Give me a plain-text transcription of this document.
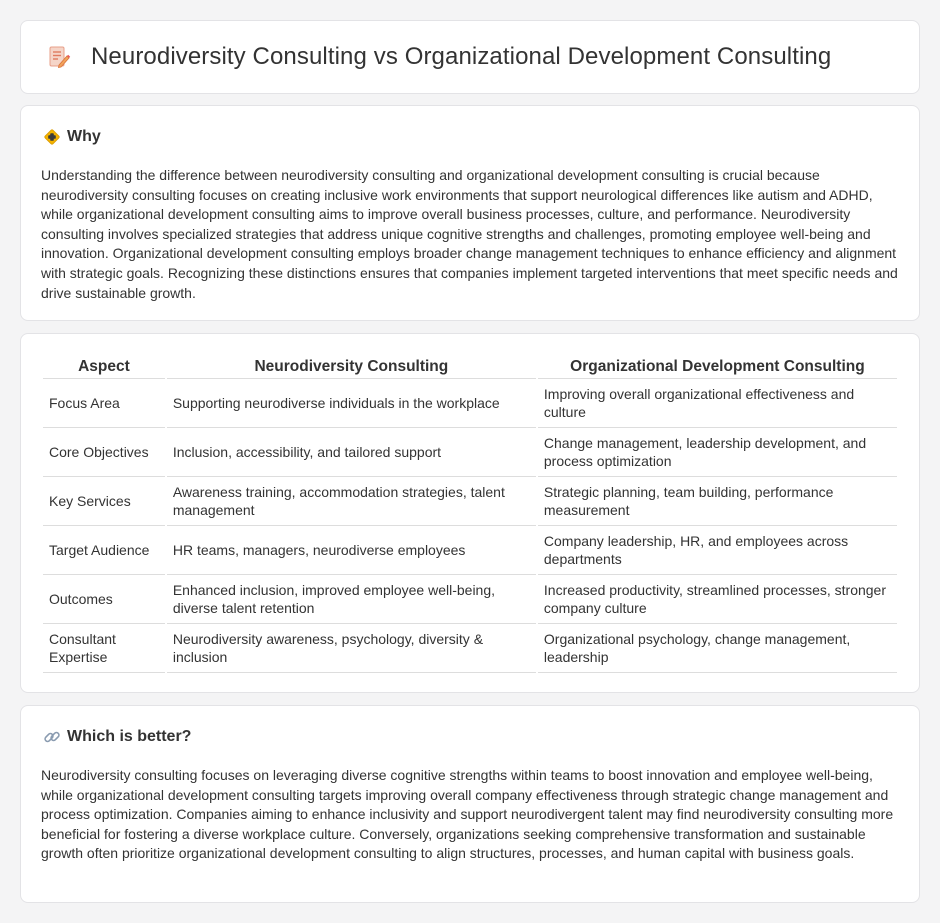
Neurodiversity Consulting vs Organizational Development Consulting
Why

Understanding the difference between neurodiversity consulting and organizational development consulting is crucial because neurodiversity consulting focuses on creating inclusive work environments that support neurological differences like autism and ADHD, while organizational development consulting aims to improve overall business processes, culture, and performance. Neurodiversity consulting involves specialized strategies that address unique cognitive strengths and challenges, promoting employee well-being and innovation. Organizational development consulting employs broader change management techniques to enhance efficiency and alignment with strategic goals. Recognizing these distinctions ensures that companies implement targeted interventions that meet specific needs and drive sustainable growth.

Aspect	Neurodiversity Consulting	Organizational Development Consulting
Focus Area	Supporting neurodiverse individuals in the workplace	Improving overall organizational effectiveness and culture
Core Objectives	Inclusion, accessibility, and tailored support	Change management, leadership development, and process optimization
Key Services	Awareness training, accommodation strategies, talent management	Strategic planning, team building, performance measurement
Target Audience	HR teams, managers, neurodiverse employees	Company leadership, HR, and employees across departments
Outcomes	Enhanced inclusion, improved employee well-being, diverse talent retention	Increased productivity, streamlined processes, stronger company culture
Consultant Expertise	Neurodiversity awareness, psychology, diversity & inclusion	Organizational psychology, change management, leadership
Which is better?

Neurodiversity consulting focuses on leveraging diverse cognitive strengths within teams to boost innovation and employee well-being, while organizational development consulting targets improving overall company effectiveness through strategic change management and process optimization. Companies aiming to enhance inclusivity and support neurodivergent talent may find neurodiversity consulting more beneficial for fostering a diverse workplace culture. Conversely, organizations seeking comprehensive transformation and sustainable growth often prioritize organizational development consulting to align structures, processes, and human capital with business goals.
